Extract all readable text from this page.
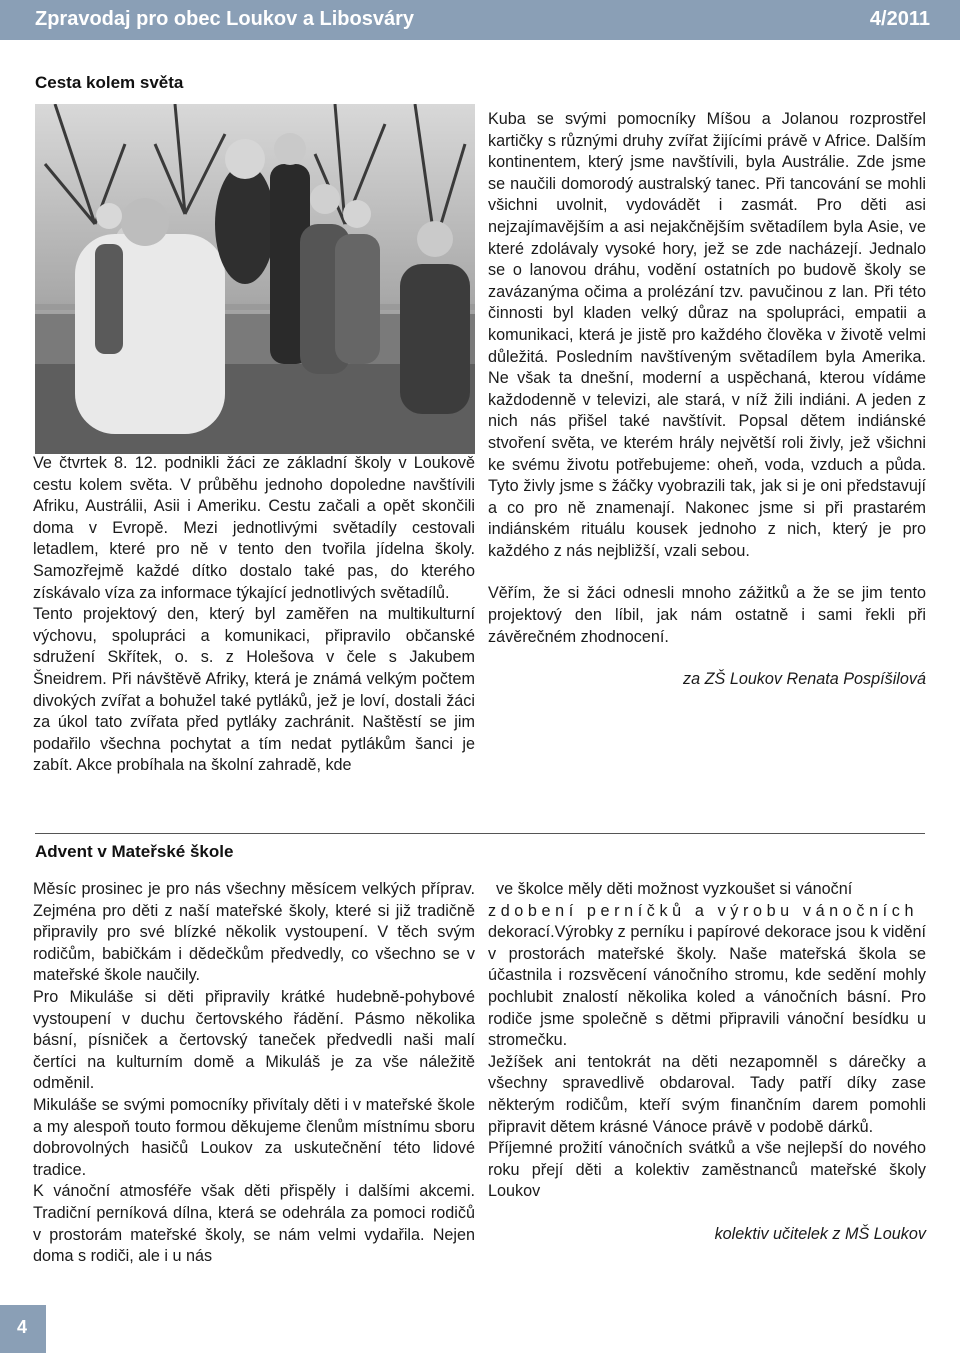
Zpravodaj pro obec Loukov a Libosváry	4/2011
Cesta kolem světa

Ve čtvrtek 8. 12. podnikli žáci ze základní školy v Loukově cestu kolem světa. V průběhu jednoho dopoledne navštívili Afriku, Austrálii, Asii i Ameriku. Cestu začali a opět skončili doma v Evropě. Mezi jednotlivými světadíly cestovali letadlem, které pro ně v tento den tvořila jídelna školy. Samozřejmě každé dítko dostalo také pas, do kterého získávalo víza za informace týkající jednotlivých světadílů.

Tento projektový den, který byl zaměřen na multikulturní výchovu, spolupráci a komunikaci, připravilo občanské sdružení Skřítek, o. s. z Holešova v čele s Jakubem Šneidrem. Při návštěvě Afriky, která je známá velkým počtem divokých zvířat a bohužel také pytláků, jež je loví, dostali žáci za úkol tato zvířata před pytláky zachránit. Naštěstí se jim podařilo všechna pochytat a tím nedat pytlákům šanci je zabít. Akce probíhala na školní zahradě, kde

Kuba se svými pomocníky Míšou a Jolanou rozprostřel kartičky s různými druhy zvířat žijícími právě v Africe. Dalším kontinentem, který jsme navštívili, byla Austrálie. Zde jsme se naučili domorodý australský tanec. Při tancování se mohli všichni uvolnit, vydovádět i zasmát. Pro děti asi nejzajímavějším a asi nejakčnějším světadílem byla Asie, ve které zdolávaly vysoké hory, jež se zde nacházejí. Jednalo se o lanovou dráhu, vodění ostatních po budově školy se zavázanýma očima a prolézání tzv. pavučinou z lan. Při této činnosti byl kladen velký důraz na spolupráci, empatii a komunikaci, která je jistě pro každého člověka v životě velmi důležitá. Posledním navštíveným světadílem byla Amerika. Ne však ta dnešní, moderní a uspěchaná, kterou vídáme každodenně v televizi, ale stará, v níž žili indiáni. A jeden z nich nás přišel také navštívit. Popsal dětem indiánské stvoření světa, ve kterém hrály největší roli živly, jež všichni ke svému životu potřebujeme: oheň, voda, vzduch a půda. Tyto živly jsme s žáčky vyobrazili tak, jak si je oni představují a co pro ně znamenají. Nakonec jsme si při prastarém indiánském rituálu kousek jednoho z nich, který je pro každého z nás nejbližší, vzali sebou.

Věřím, že si žáci odnesli mnoho zážitků a že se jim tento projektový den líbil, jak nám ostatně i sami řekli při závěrečném zhodnocení.

za ZŠ Loukov Renata Pospíšilová

Advent v Mateřské škole

Měsíc prosinec je pro nás všechny měsícem velkých příprav. Zejména pro děti z naší mateřské školy, které si již tradičně připravily pro své blízké několik vystoupení. V těch svým rodičům, babičkám i dědečkům předvedly, co všechno se v mateřské škole naučily.

Pro Mikuláše si děti připravily krátké hudebně-pohybové vystoupení v duchu čertovského řádění. Pásmo několika básní, písniček a čertovský taneček předvedli naši malí čertíci na kulturním domě a Mikuláš je za vše náležitě odměnil.

Mikuláše se svými pomocníky přivítaly děti i v mateřské škole a my alespoň touto formou děkujeme členům místnímu sboru dobrovolných hasičů Loukov za uskutečnění této lidové tradice.

K vánoční atmosféře však děti přispěly i dalšími akcemi. Tradiční perníková dílna, která se odehrála za pomoci rodičů v prostorám mateřské školy, se nám velmi vydařila. Nejen doma s rodiči, ale i u nás

ve školce měly děti možnost vyzkoušet si vánoční

zdobení perníčků a výrobu vánočních

dekorací.Výrobky z perníku i papírové dekorace jsou k vidění v prostorách mateřské školy. Naše mateřská škola se účastnila i rozsvěcení vánočního stromu, kde sedění mohly pochlubit znalostí několika koled a vánočních básní. Pro rodiče jsme společně s dětmi připravili vánoční besídku u stromečku.

Ježíšek ani tentokrát na děti nezapomněl s dárečky a všechny spravedlivě obdaroval. Tady patří díky zase některým rodičům, kteří svým finančním darem pomohli připravit dětem krásné Vánoce právě v podobě dárků.

Příjemné prožití vánočních svátků a vše nejlepší do nového roku přejí děti a kolektiv zaměstnanců mateřské školy Loukov

kolektiv učitelek z MŠ Loukov

4
